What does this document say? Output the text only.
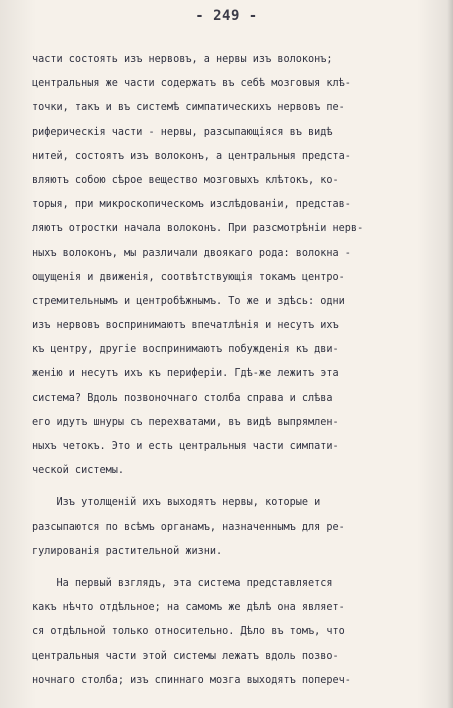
- 249 -
части состоять изъ нервовъ, а нервы изъ волоконъ;
центральныя же части содержатъ въ себѣ мозговыя клѣ-
точки, такъ и въ системѣ симпатическихъ нервовъ пе-
риферическія части - нервы, разсыпающіяся въ видѣ
нитей, состоятъ изъ волоконъ, а центральныя предста-
вляютъ собою сѣрое вещество мозговыхъ клѣтокъ, ко-
торыя, при микроскопическомъ изслѣдованіи, представ-
ляютъ отростки начала волоконъ. При разсмотрѣніи нерв-
ныхъ волоконъ, мы различали двоякаго рода: волокна -
ощущенія и движенія, соотвѣтствующія токамъ центро-
стремительнымъ и центробѣжнымъ. То же и здѣсь: одни
изъ нервовъ воспринимаютъ впечатлѣнія и несутъ ихъ
къ центру, другіе воспринимаютъ побужденія къ дви-
женію и несутъ ихъ къ периферіи. Гдѣ-же лежитъ эта
система? Вдоль позвоночнаго столба справа и слѣва
его идутъ шнуры съ перехватами, въ видѣ выпрямлен-
ныхъ четокъ. Это и есть центральныя части симпати-
ческой системы.
Изъ утолщеній ихъ выходятъ нервы, которые и
разсыпаются по всѣмъ органамъ, назначеннымъ для ре-
гулированія растительной жизни.
На первый взглядъ, эта система представляется
какъ нѣчто отдѣльное; на самомъ же дѣлѣ она являет-
ся отдѣльной только относительно. Дѣло въ томъ, что
центральныя части этой системы лежатъ вдоль позво-
ночнаго столба; изъ спиннаго мозга выходятъ попереч-
